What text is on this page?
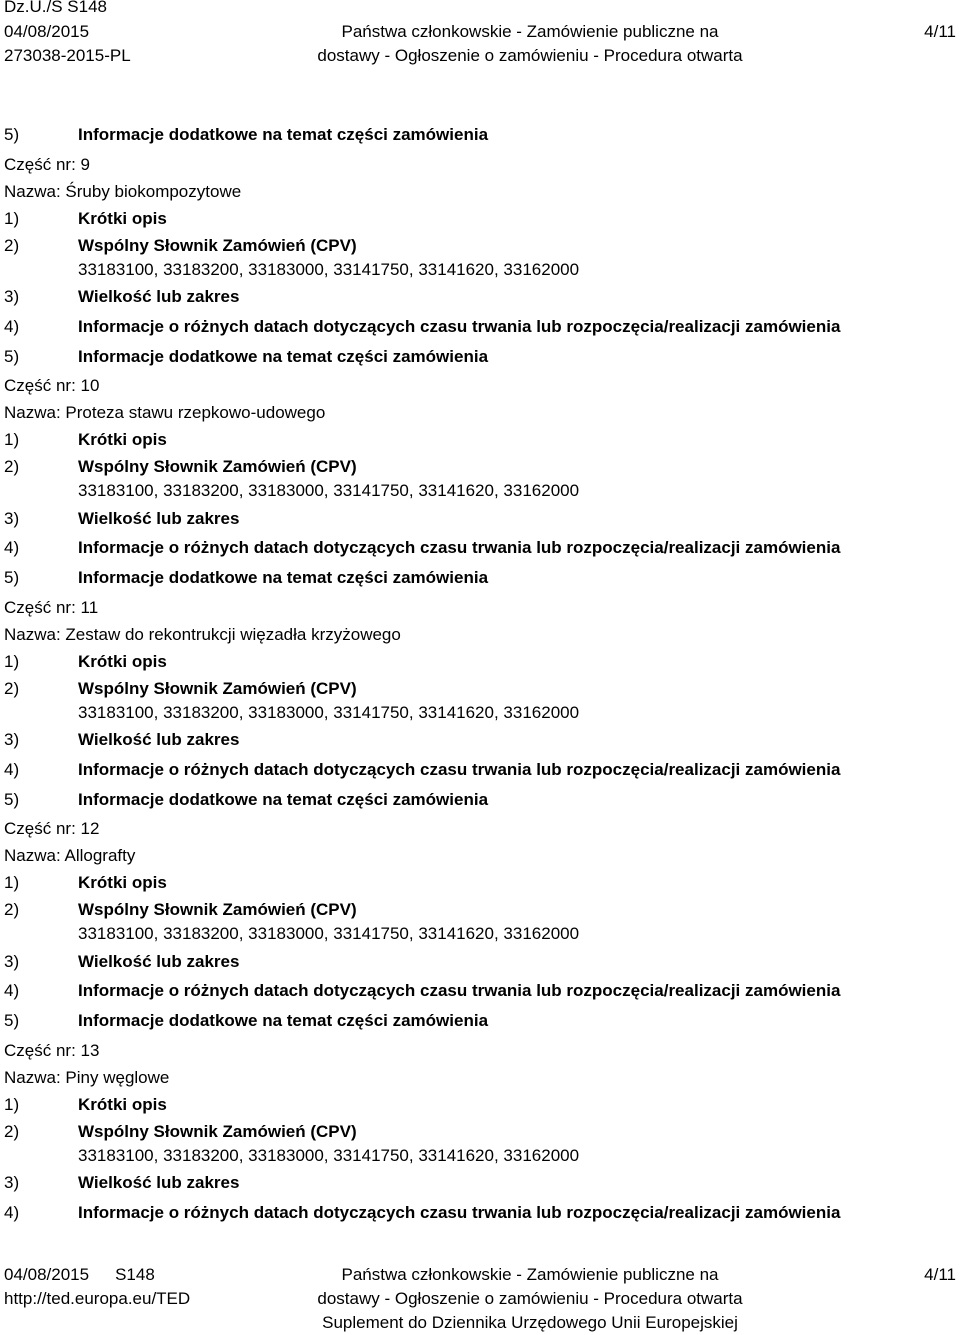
Dz.U./S S148
04/08/2015
273038-2015-PL
Państwa członkowskie - Zamówienie publiczne na
dostawy - Ogłoszenie o zamówieniu - Procedura otwarta
4/11
5)	Informacje dodatkowe na temat części zamówienia
Część nr: 9
Nazwa: Śruby biokompozytowe
1)	Krótki opis
2)	Wspólny Słownik Zamówień (CPV)
33183100, 33183200, 33183000, 33141750, 33141620, 33162000
3)	Wielkość lub zakres
4)	Informacje o różnych datach dotyczących czasu trwania lub rozpoczęcia/realizacji zamówienia
5)	Informacje dodatkowe na temat części zamówienia
Część nr: 10
Nazwa: Proteza stawu rzepkowo-udowego
1)	Krótki opis
2)	Wspólny Słownik Zamówień (CPV)
33183100, 33183200, 33183000, 33141750, 33141620, 33162000
3)	Wielkość lub zakres
4)	Informacje o różnych datach dotyczących czasu trwania lub rozpoczęcia/realizacji zamówienia
5)	Informacje dodatkowe na temat części zamówienia
Część nr: 11
Nazwa: Zestaw do rekontrukcji więzadła krzyżowego
1)	Krótki opis
2)	Wspólny Słownik Zamówień (CPV)
33183100, 33183200, 33183000, 33141750, 33141620, 33162000
3)	Wielkość lub zakres
4)	Informacje o różnych datach dotyczących czasu trwania lub rozpoczęcia/realizacji zamówienia
5)	Informacje dodatkowe na temat części zamówienia
Część nr: 12
Nazwa: Allografty
1)	Krótki opis
2)	Wspólny Słownik Zamówień (CPV)
33183100, 33183200, 33183000, 33141750, 33141620, 33162000
3)	Wielkość lub zakres
4)	Informacje o różnych datach dotyczących czasu trwania lub rozpoczęcia/realizacji zamówienia
5)	Informacje dodatkowe na temat części zamówienia
Część nr: 13
Nazwa: Piny węglowe
1)	Krótki opis
2)	Wspólny Słownik Zamówień (CPV)
33183100, 33183200, 33183000, 33141750, 33141620, 33162000
3)	Wielkość lub zakres
4)	Informacje o różnych datach dotyczących czasu trwania lub rozpoczęcia/realizacji zamówienia
04/08/2015 S148
http://ted.europa.eu/TED
Państwa członkowskie - Zamówienie publiczne na
dostawy - Ogłoszenie o zamówieniu - Procedura otwarta
Suplement do Dziennika Urzędowego Unii Europejskiej
4/11
